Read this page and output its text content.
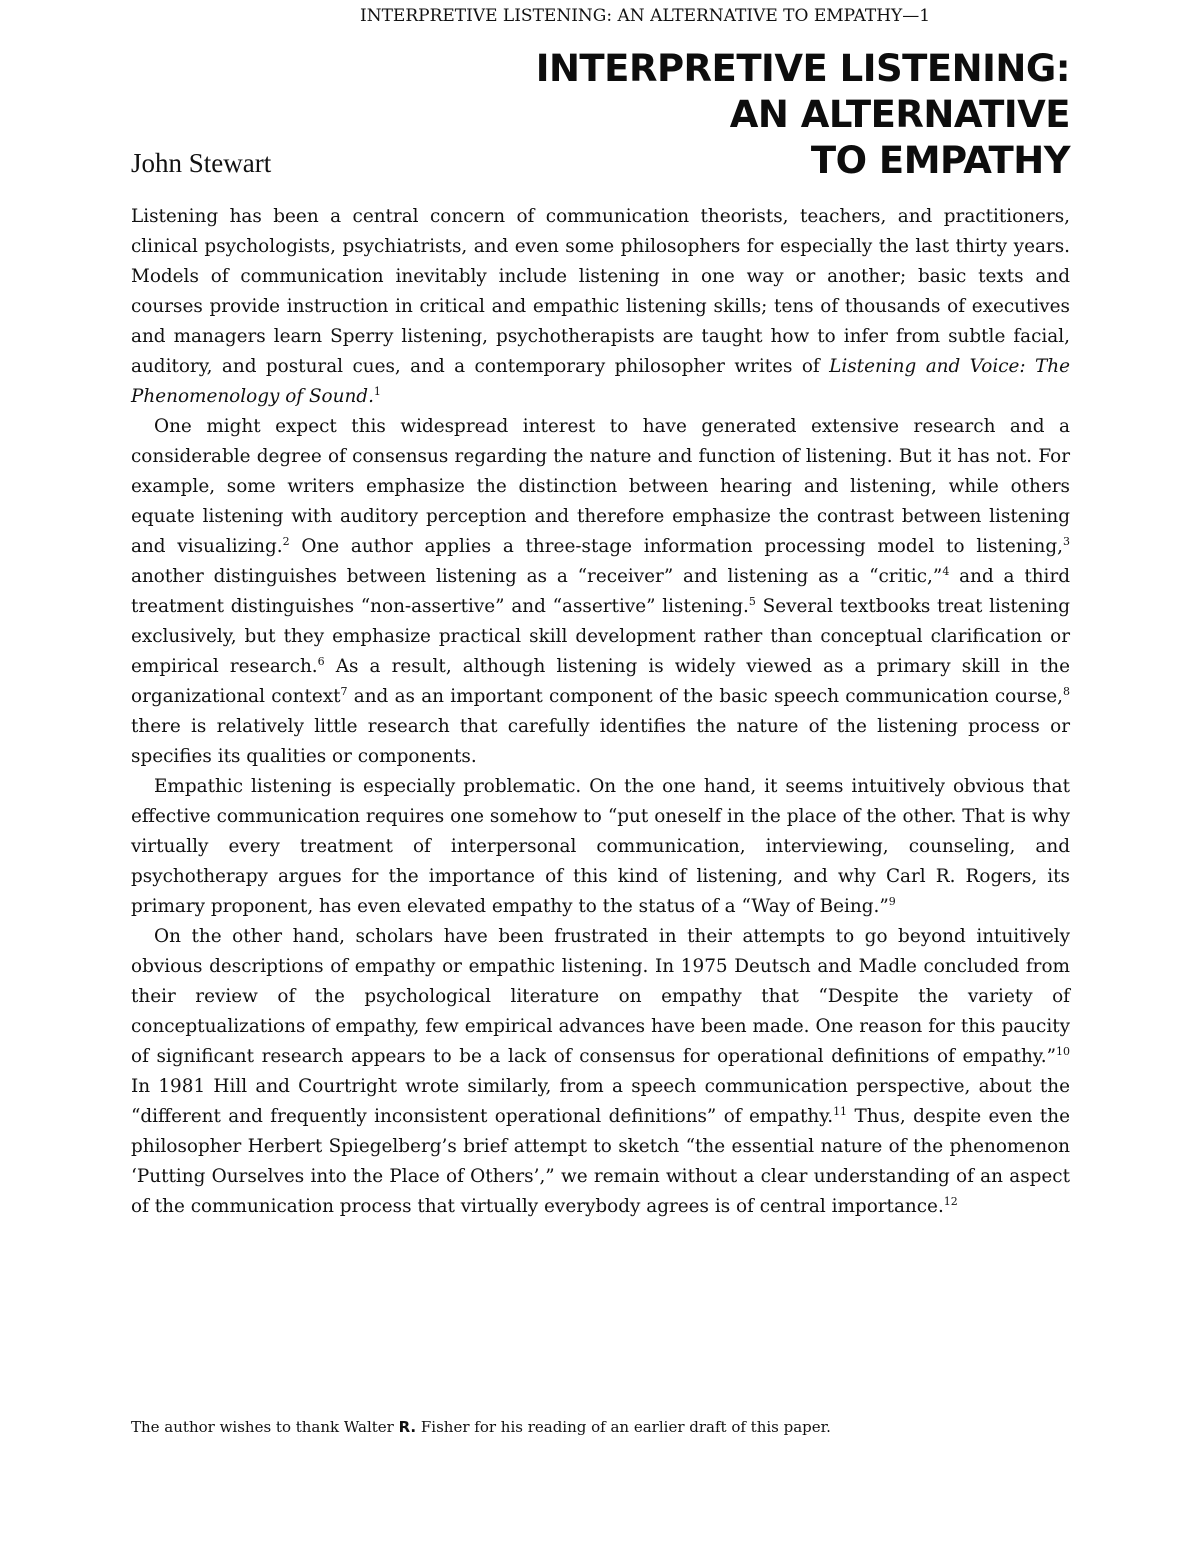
INTERPRETIVE LISTENING: AN ALTERNATIVE TO EMPATHY—1
INTERPRETIVE LISTENING:
AN ALTERNATIVE
TO EMPATHY
John Stewart

Listening has been a central concern of communication theorists, teachers, and practitioners, clinical psychologists, psychiatrists, and even some philosophers for especially the last thirty years. Models of communication inevitably include listening in one way or another; basic texts and courses provide instruction in critical and empathic listening skills; tens of thousands of executives and managers learn Sperry listening, psychotherapists are taught how to infer from subtle facial, auditory, and postural cues, and a contemporary philosopher writes of Listening and Voice: The Phenomenology of Sound.$^1$

One might expect this widespread interest to have generated extensive research and a considerable degree of consensus regarding the nature and function of listening. But it has not. For example, some writers emphasize the distinction between hearing and listening, while others equate listening with auditory perception and therefore emphasize the contrast between listening and visualizing.$^2$ One author applies a three-stage information processing model to listening,$^3$ another distinguishes between listening as a “receiver” and listening as a “critic,”$^4$ and a third treatment distinguishes “non-assertive” and “assertive” listening.$^5$ Several textbooks treat listening exclusively, but they emphasize practical skill development rather than conceptual clarification or empirical research.$^6$ As a result, although listening is widely viewed as a primary skill in the organizational context$^7$ and as an important component of the basic speech communication course,$^8$ there is relatively little research that carefully identifies the nature of the listening process or specifies its qualities or components.

Empathic listening is especially problematic. On the one hand, it seems intuitively obvious that effective communication requires one somehow to “put oneself in the place of the other. That is why virtually every treatment of interpersonal communication, interviewing, counseling, and psychotherapy argues for the importance of this kind of listening, and why Carl R. Rogers, its primary proponent, has even elevated empathy to the status of a “Way of Being.”$^9$

On the other hand, scholars have been frustrated in their attempts to go beyond intuitively obvious descriptions of empathy or empathic listening. In 1975 Deutsch and Madle concluded from their review of the psychological literature on empathy that “Despite the variety of conceptualizations of empathy, few empirical advances have been made. One reason for this paucity of significant research appears to be a lack of consensus for operational definitions of empathy.”$^{10}$ In 1981 Hill and Courtright wrote similarly, from a speech communication perspective, about the “different and frequently inconsistent operational definitions” of empathy.$^{11}$ Thus, despite even the philosopher Herbert Spiegelberg’s brief attempt to sketch “the essential nature of the phenomenon ‘Putting Ourselves into the Place of Others’,” we remain without a clear understanding of an aspect of the communication process that virtually everybody agrees is of central importance.$^{12}$

The author wishes to thank Walter R. Fisher for his reading of an earlier draft of this paper.
